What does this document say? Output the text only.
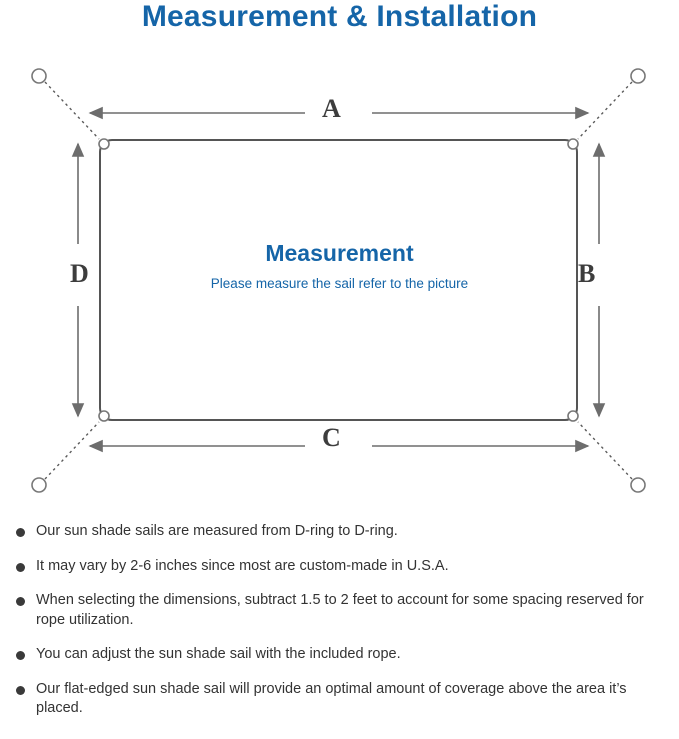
Measurement & Installation
Measurement
Please measure the sail refer to the picture
A
B
C
D
Our sun shade sails are measured from D-ring to D-ring.
It may vary by 2-6 inches since most are custom-made in U.S.A.
When selecting the dimensions, subtract 1.5 to 2 feet to account for some spacing reserved for rope utilization.
You can adjust the sun shade sail with the included rope.
Our flat-edged sun shade sail will provide an optimal amount of coverage above the area it’s placed.
